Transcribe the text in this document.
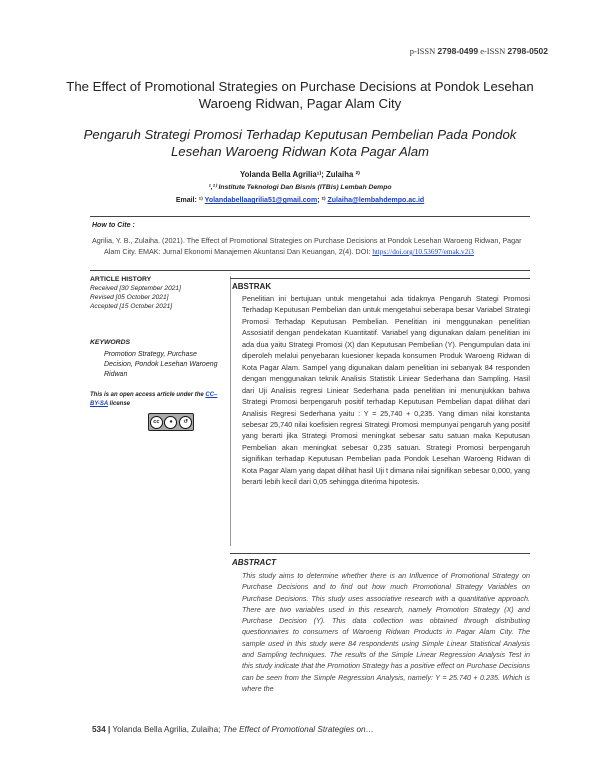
p-ISSN 2798-0499 e-ISSN 2798-0502
The Effect of Promotional Strategies on Purchase Decisions at Pondok Lesehan Waroeng Ridwan, Pagar Alam City
Pengaruh Strategi Promosi Terhadap Keputusan Pembelian Pada Pondok Lesehan Waroeng Ridwan Kota Pagar Alam
Yolanda Bella Agrilia¹⁾; Zulaiha ²⁾
¹,²⁾ Institute Teknologi Dan Bisnis (ITBis) Lembah Dempo
Email: ¹⁾ Yolandabellaagrilia51@gmail.com; ²⁾ Zulaiha@lembahdempo.ac.id
How to Cite :
Agrilia, Y. B., Zulaiha. (2021). The Effect of Promotional Strategies on Purchase Decisions at Pondok Lesehan Waroeng Ridwan, Pagar Alam City. EMAK: Jurnal Ekonomi Manajemen Akuntansi Dan Keuangan, 2(4). DOI: https://doi.org/10.53697/emak.v2i3
ARTICLE HISTORY
Received [30 September 2021]
Revised [05 October 2021]
Accepted [15 October 2021]
KEYWORDS
Promotion Strategy, Purchase Decision, Pondok Lesehan Waroeng Ridwan
This is an open access article under the CC–BY-SA license
cc	●	↺
ABSTRAK
Penelitian ini bertujuan untuk mengetahui ada tidaknya Pengaruh Stategi Promosi Terhadap Keputusan Pembelian dan untuk mengetahui seberapa besar Variabel Strategi Promosi Terhadap Keputusan Pembelian. Penelitian ini menggunakan penelitian Assosiatif dengan pendekatan Kuantitatif. Variabel yang digunakan dalam penelitian ini ada dua yaitu Strategi Promosi (X) dan Keputusan Pembelian (Y). Pengumpulan data ini diperoleh melalui penyebaran kuesioner kepada konsumen Produk Waroeng Ridwan di Kota Pagar Alam. Sampel yang digunakan dalam penelitian ini sebanyak 84 responden dengan menggunakan teknik Analisis Statistik Liniear Sederhana dan Sampling. Hasil dari Uji Analisis regresi Liniear Sederhana pada penelitian ini menunjukkan bahwa Strategi Promosi berpengaruh positif terhadap Keputusan Pembelian dapat dilihat dari Analisis Regresi Sederhana yaitu : Y = 25,740 + 0,235. Yang diman nilai konstanta sebesar 25,740 nilai koefisien regresi Strategi Promosi mempunyai pengaruh yang positif yang berarti jika Strategi Promosi meningkat sebesar satu satuan maka Keputusan Pembelian akan meningkat sebesar 0,235 satuan. Strategi Promosi berpengaruh signifikan terhadap Keputusan Pembelian pada Pondok Lesehan Waroeng Ridwan di Kota Pagar Alam yang dapat dilihat hasil Uji t dimana nilai signifikan sebesar 0,000, yang berarti lebih kecil dari 0,05 sehingga diterima hipotesis.
ABSTRACT
This study aims to determine whether there is an Influence of Promotional Strategy on Purchase Decisions and to find out how much Promotional Strategy Variables on Purchase Decisions. This study uses associative research with a quantitative approach. There are two variables used in this research, namely Promotion Strategy (X) and Purchase Decision (Y). This data collection was obtained through distributing questionnaires to consumers of Waroeng Ridwan Products in Pagar Alam City. The sample used in this study were 84 respondents using Simple Linear Statistical Analysis and Sampling techniques. The results of the Simple Linear Regression Analysis Test in this study indicate that the Promotion Strategy has a positive effect on Purchase Decisions can be seen from the Simple Regression Analysis, namely: Y = 25.740 + 0.235. Which is where the
534 | Yolanda Bella Agrilia, Zulaiha; The Effect of Promotional Strategies on…
